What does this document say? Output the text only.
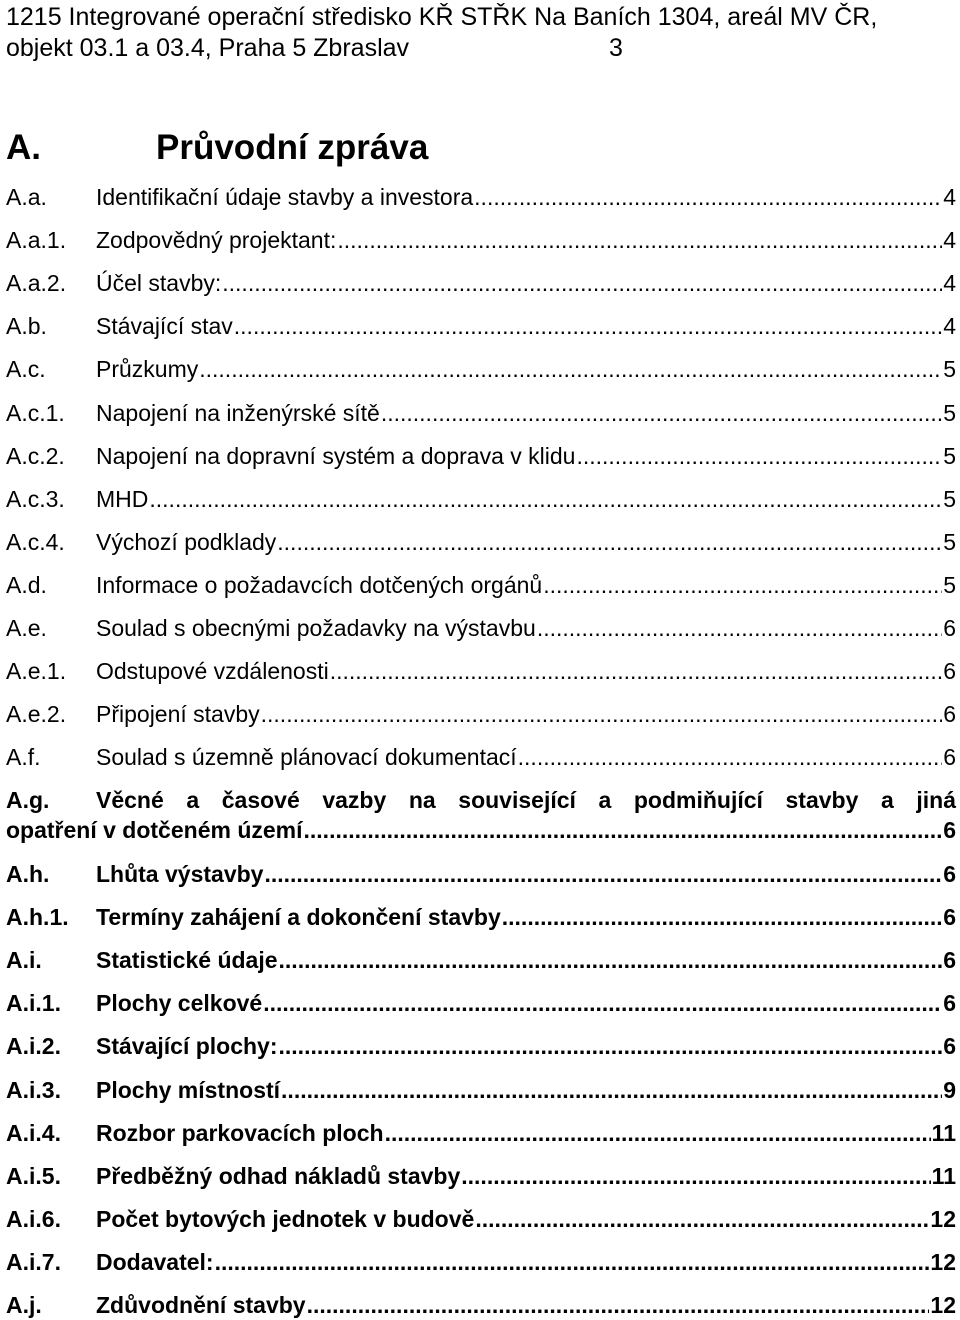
1215 Integrované operační středisko KŘ STŘK Na Baních 1304, areál MV ČR,
objekt 03.1 a 03.4, Praha 5 Zbraslav	3
A.	Průvodní zpráva
A.a. Identifikační údaje stavby a investora .....	4
A.a.1. Zodpovědný projektant: .....	4
A.a.2. Účel stavby: .....	4
A.b. Stávající stav .....	4
A.c. Průzkumy .....	5
A.c.1. Napojení na inženýrské sítě .....	5
A.c.2. Napojení na dopravní systém a doprava v klidu .....	5
A.c.3. MHD .....	5
A.c.4. Výchozí podklady .....	5
A.d. Informace o požadavcích dotčených orgánů .....	5
A.e. Soulad s obecnými požadavky na výstavbu .....	6
A.e.1. Odstupové vzdálenosti .....	6
A.e.2. Připojení stavby .....	6
A.f. Soulad s územně plánovací dokumentací .....	6
A.g.	Věcné a časové vazby na související a podmiňující stavby a jiná
opatření v dotčeném území .....	6
A.h. Lhůta výstavby .....	6
A.h.1. Termíny zahájení a dokončení stavby .....	6
A.i. Statistické údaje .....	6
A.i.1. Plochy celkové .....	6
A.i.2. Stávající plochy: .....	6
A.i.3. Plochy místností .....	9
A.i.4. Rozbor parkovacích ploch .....	11
A.i.5. Předběžný odhad nákladů stavby .....	11
A.i.6. Počet bytových jednotek v budově .....	12
A.i.7. Dodavatel: .....	12
A.j. Zdůvodnění stavby .....	12
